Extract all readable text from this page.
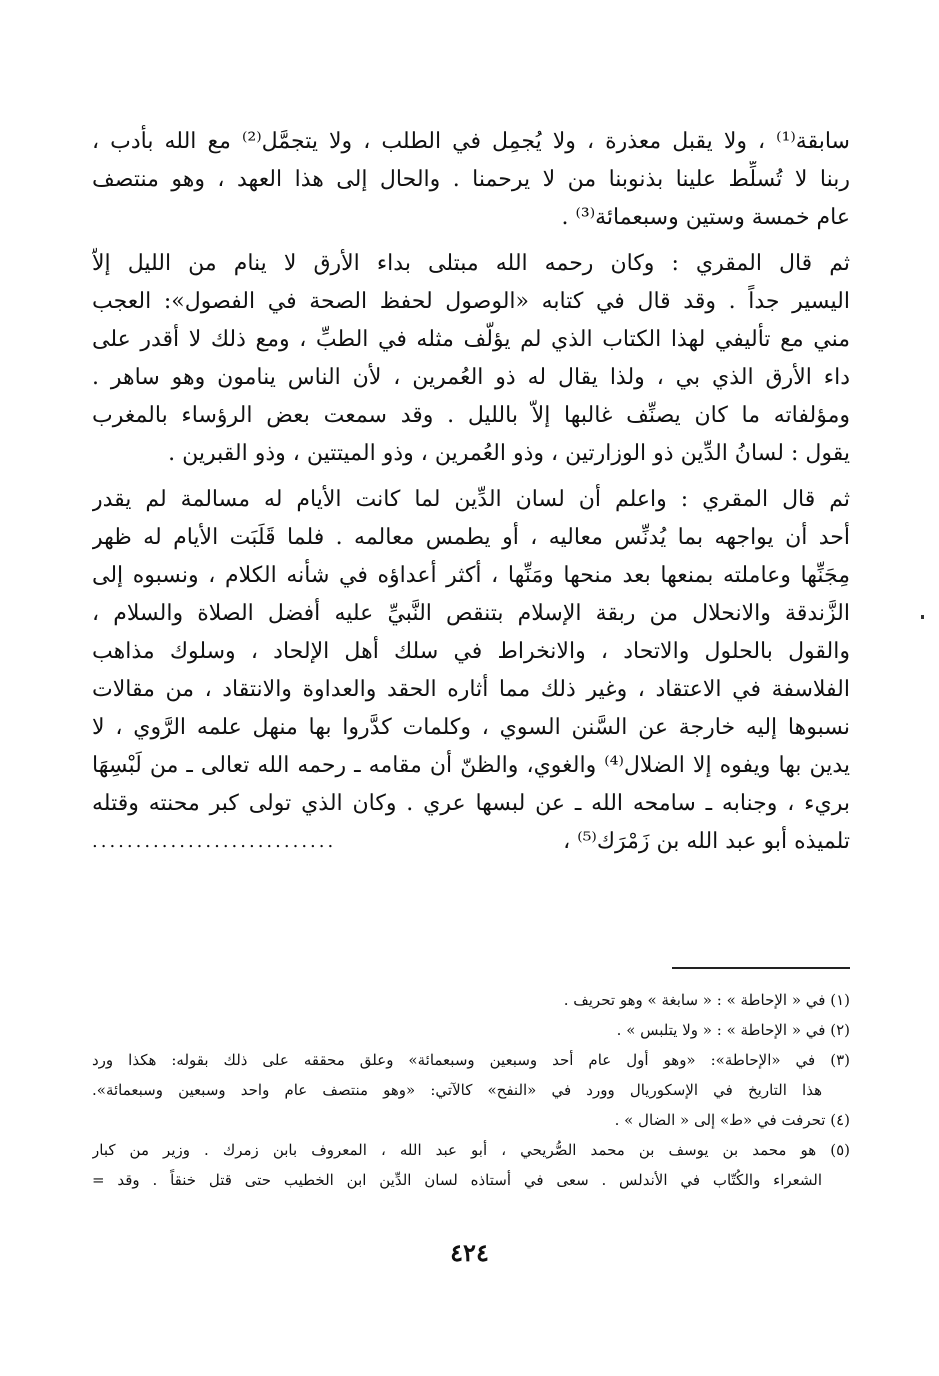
سابقة⁽¹⁾ ، ولا يقبل معذرة ، ولا يُجمِل في الطلب ، ولا يتجمَّل⁽²⁾ مع الله بأدب ،
ربنا لا تُسلِّط علينا بذنوبنا من لا يرحمنا . والحال إلى هذا العهد ، وهو منتصف
عام خمسة وستين وسبعمائة⁽³⁾ .
ثم قال المقري : وكان رحمه الله مبتلى بداء الأرق لا ينام من الليل إلاّ
اليسير جداً . وقد قال في كتابه «الوصول لحفظ الصحة في الفصول»: العجب
مني مع تأليفي لهذا الكتاب الذي لم يؤلّف مثله في الطبِّ ، ومع ذلك لا أقدر على
داء الأرق الذي بي ، ولذا يقال له ذو العُمرين ، لأن الناس ينامون وهو ساهر .
ومؤلفاته ما كان يصنِّف غالبها إلاّ بالليل . وقد سمعت بعض الرؤساء بالمغرب
يقول : لسانُ الدِّين ذو الوزارتين ، وذو العُمرين ، وذو الميتتين ، وذو القبرين .
ثم قال المقري : واعلم أن لسان الدِّين لما كانت الأيام له مسالمة لم يقدر
أحد أن يواجهه بما يُدنِّس معاليه ، أو يطمس معالمه . فلما قَلَبَت الأيام له ظهر
مِجَنِّها وعاملته بمنعها بعد منحها ومَنِّها ، أكثر أعداؤه في شأنه الكلام ، ونسبوه إلى
الزَّندقة والانحلال من ربقة الإسلام بتنقص النَّبيِّ عليه أفضل الصلاة والسلام ،
والقول بالحلول والاتحاد ، والانخراط في سلك أهل الإلحاد ، وسلوك مذاهب
الفلاسفة في الاعتقاد ، وغير ذلك مما أثاره الحقد والعداوة والانتقاد ، من مقالات
نسبوها إليه خارجة عن السَّنن السوي ، وكلمات كدَّروا بها منهل علمه الرَّوي ، لا
يدين بها ويفوه إلا الضلال⁽⁴⁾ والغوي، والظنّ أن مقامه ـ رحمه الله تعالى ـ من لَبْسِهَا
بريء ، وجنابه ـ سامحه الله ـ عن لبسها عري . وكان الذي تولى كبر محنته وقتله
تلميذه أبو عبد الله بن زَمْرَك⁽⁵⁾ ،
............................
(١) في « الإحاطة » : « سابغة » وهو تحريف .
(٢) في « الإحاطة » : « ولا يتلبس » .
(٣) في «الإحاطة»: «وهو أول عام أحد وسبعين وسبعمائة» وعلق محققه على ذلك بقوله: هكذا ورد
هذا التاريخ في الإسكوريال وورد في «النفح» كالآتي: «وهو منتصف عام واحد وسبعين وسبعمائة».
(٤) تحرفت في «ط» إلى « الضال » .
(٥) هو محمد بن يوسف بن محمد الصُّريحي ، أبو عبد الله ، المعروف بابن زمرك . وزير من كبار
الشعراء والكُتّاب في الأندلس . سعى في أستاذه لسان الدِّين ابن الخطيب حتى قتل خنقاً . وقد =
٤٢٤
